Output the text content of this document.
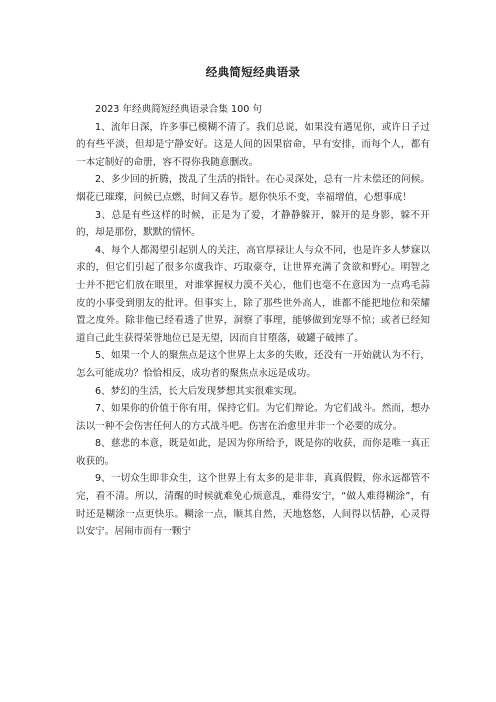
经典简短经典语录

2023 年经典简短经典语录合集 100 句

1、流年日深，许多事已模糊不清了。我们总说，如果没有遇见你，或许日子过的有些平淡，但却是宁静安好。这是人间的因果宿命，早有安排，而每个人，都有一本定制好的命册，容不得你我随意删改。

2、多少回的折腾，拨乱了生活的指针。在心灵深处，总有一片未偿还的问候。烟花已璀璨，问候已点燃，时间又春节。愿你快乐不变，幸福增值，心想事成！

3、总是有些这样的时候，正是为了爱，才静静躲开，躲开的是身影，躲不开的，却是那份，默默的情怀。

4、每个人都渴望引起别人的关注，高官厚禄让人与众不同，也是许多人梦寐以求的，但它们引起了很多尔虞我诈、巧取豪夺，让世界充满了贪欲和野心。明智之士并不把它们放在眼里，对谁掌握权力漠不关心，他们也毫不在意因为一点鸡毛蒜皮的小事受到朋友的批评。但事实上，除了那些世外高人，谁都不能把地位和荣耀置之度外。除非他已经看透了世界，洞察了事理，能够做到宠辱不惊；或者已经知道自己此生获得荣誉地位已是无望，因而自甘堕落，破罐子破摔了。

5、如果一个人的聚焦点是这个世界上太多的失败，还没有一开始就认为不行，怎么可能成功？恰恰相反，成功者的聚焦点永远是成功。

6、梦幻的生活，长大后发现梦想其实很难实现。

7、如果你的价值于你有用，保持它们。为它们辩论。为它们战斗。然而，想办法以一种不会伤害任何人的方式战斗吧。伤害在治愈里并非一个必要的成分。

8、慈悲的本意，既是如此，是因为你所给予，既是你的收获，而你是唯一真正收获的。

9、一切众生即非众生，这个世界上有太多的是非非，真真假假，你永远都管不完，看不清。所以，清醒的时候就难免心烦意乱，难得安宁，“做人难得糊涂”，有时还是糊涂一点更快乐。糊涂一点，顺其自然，天地悠悠，人间得以恬静，心灵得以安宁。居闹市而有一颗宁
